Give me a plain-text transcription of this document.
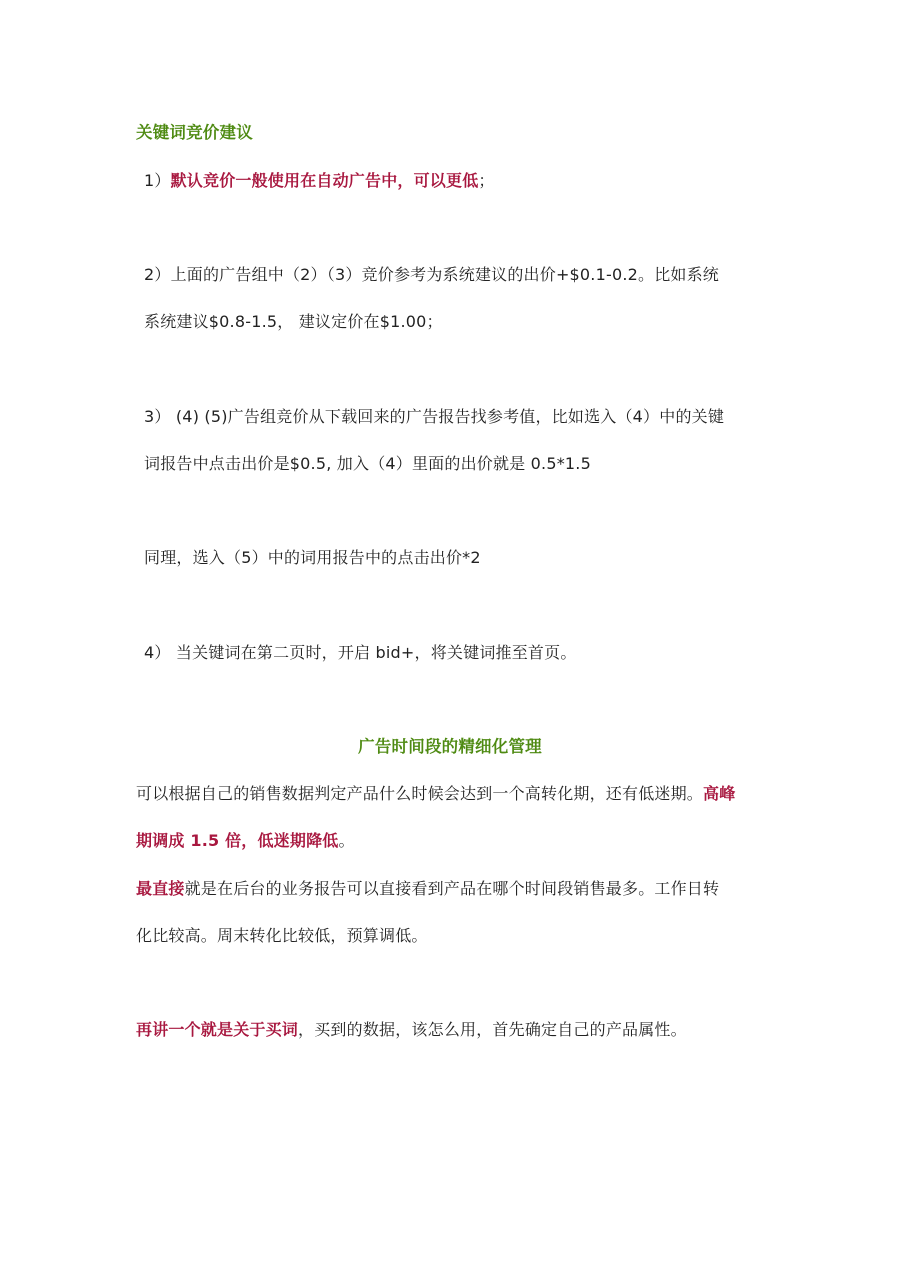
关键词竞价建议
1）默认竞价一般使用在自动广告中，可以更低；
2）上面的广告组中（2）（3）竞价参考为系统建议的出价+$0.1-0.2。比如系统
系统建议$0.8-1.5， 建议定价在$1.00；
3） (4) (5)广告组竞价从下载回来的广告报告找参考值，比如选入（4）中的关键
词报告中点击出价是$0.5, 加入（4）里面的出价就是 0.5*1.5
同理，选入（5）中的词用报告中的点击出价*2
4） 当关键词在第二页时，开启 bid+，将关键词推至首页。
广告时间段的精细化管理
可以根据自己的销售数据判定产品什么时候会达到一个高转化期，还有低迷期。高峰
期调成 1.5 倍，低迷期降低。
最直接就是在后台的业务报告可以直接看到产品在哪个时间段销售最多。工作日转
化比较高。周末转化比较低，预算调低。
再讲一个就是关于买词，买到的数据，该怎么用，首先确定自己的产品属性。
